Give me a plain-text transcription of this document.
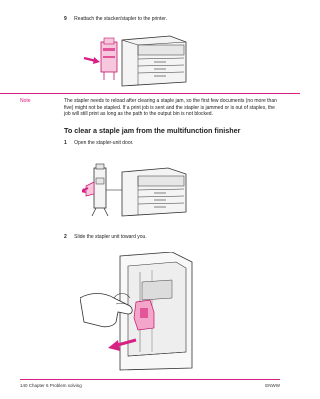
9 Reattach the stacker/stapler to the printer.
Note	The stapler needs to reload after clearing a staple jam, so the first few documents (no more than five) might not be stapled. If a print job is sent and the stapler is jammed or is out of staples, the job will still print as long as the path to the output bin is not blocked.
To clear a staple jam from the multifunction finisher
1 Open the stapler-unit door.
2 Slide the stapler unit toward you.
140 Chapter 6 Problem solving	ENWW
